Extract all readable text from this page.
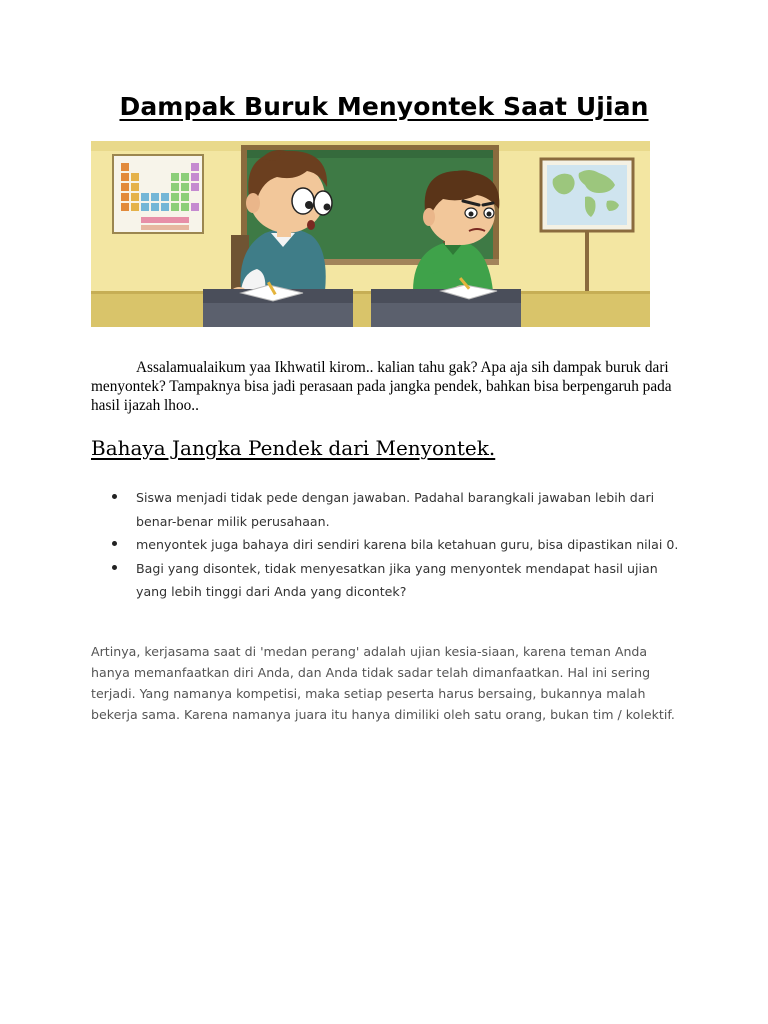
Dampak Buruk Menyontek Saat Ujian

Assalamualaikum yaa Ikhwatil kirom.. kalian tahu gak? Apa aja sih dampak buruk dari menyontek? Tampaknya bisa jadi perasaan pada jangka pendek, bahkan bisa berpengaruh pada hasil ijazah lhoo..

Bahaya Jangka Pendek dari Menyontek.
Siswa menjadi tidak pede dengan jawaban. Padahal barangkali jawaban lebih dari benar-benar milik perusahaan.
menyontek juga bahaya diri sendiri karena bila ketahuan guru, bisa dipastikan nilai 0.
Bagi yang disontek, tidak menyesatkan jika yang menyontek mendapat hasil ujian yang lebih tinggi dari Anda yang dicontek?

Artinya, kerjasama saat di 'medan perang' adalah ujian kesia-siaan, karena teman Anda hanya memanfaatkan diri Anda, dan Anda tidak sadar telah dimanfaatkan. Hal ini sering terjadi. Yang namanya kompetisi, maka setiap peserta harus bersaing, bukannya malah bekerja sama. Karena namanya juara itu hanya dimiliki oleh satu orang, bukan tim / kolektif.
